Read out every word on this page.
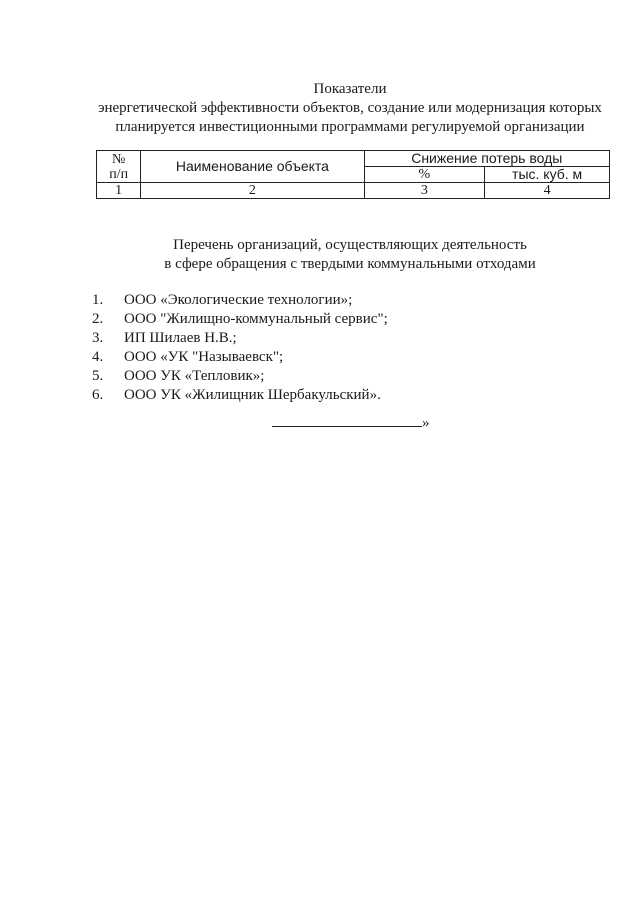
Показатели
энергетической эффективности объектов, создание или модернизация которых
планируется инвестиционными программами регулируемой организации
№
п/п	Наименование объекта	Снижение потерь воды	
		%	тыс. куб. м
1	2	3	4
Перечень организаций, осуществляющих деятельность
в сфере обращения с твердыми коммунальными отходами
1.	ООО «Экологические технологии»;
2.	ООО "Жилищно-коммунальный сервис";
3.	ИП Шилаев Н.В.;
4.	ООО «УК "Называевск";
5.	ООО УК «Тепловик»;
6.	ООО УК «Жилищник Шербакульский».
»
